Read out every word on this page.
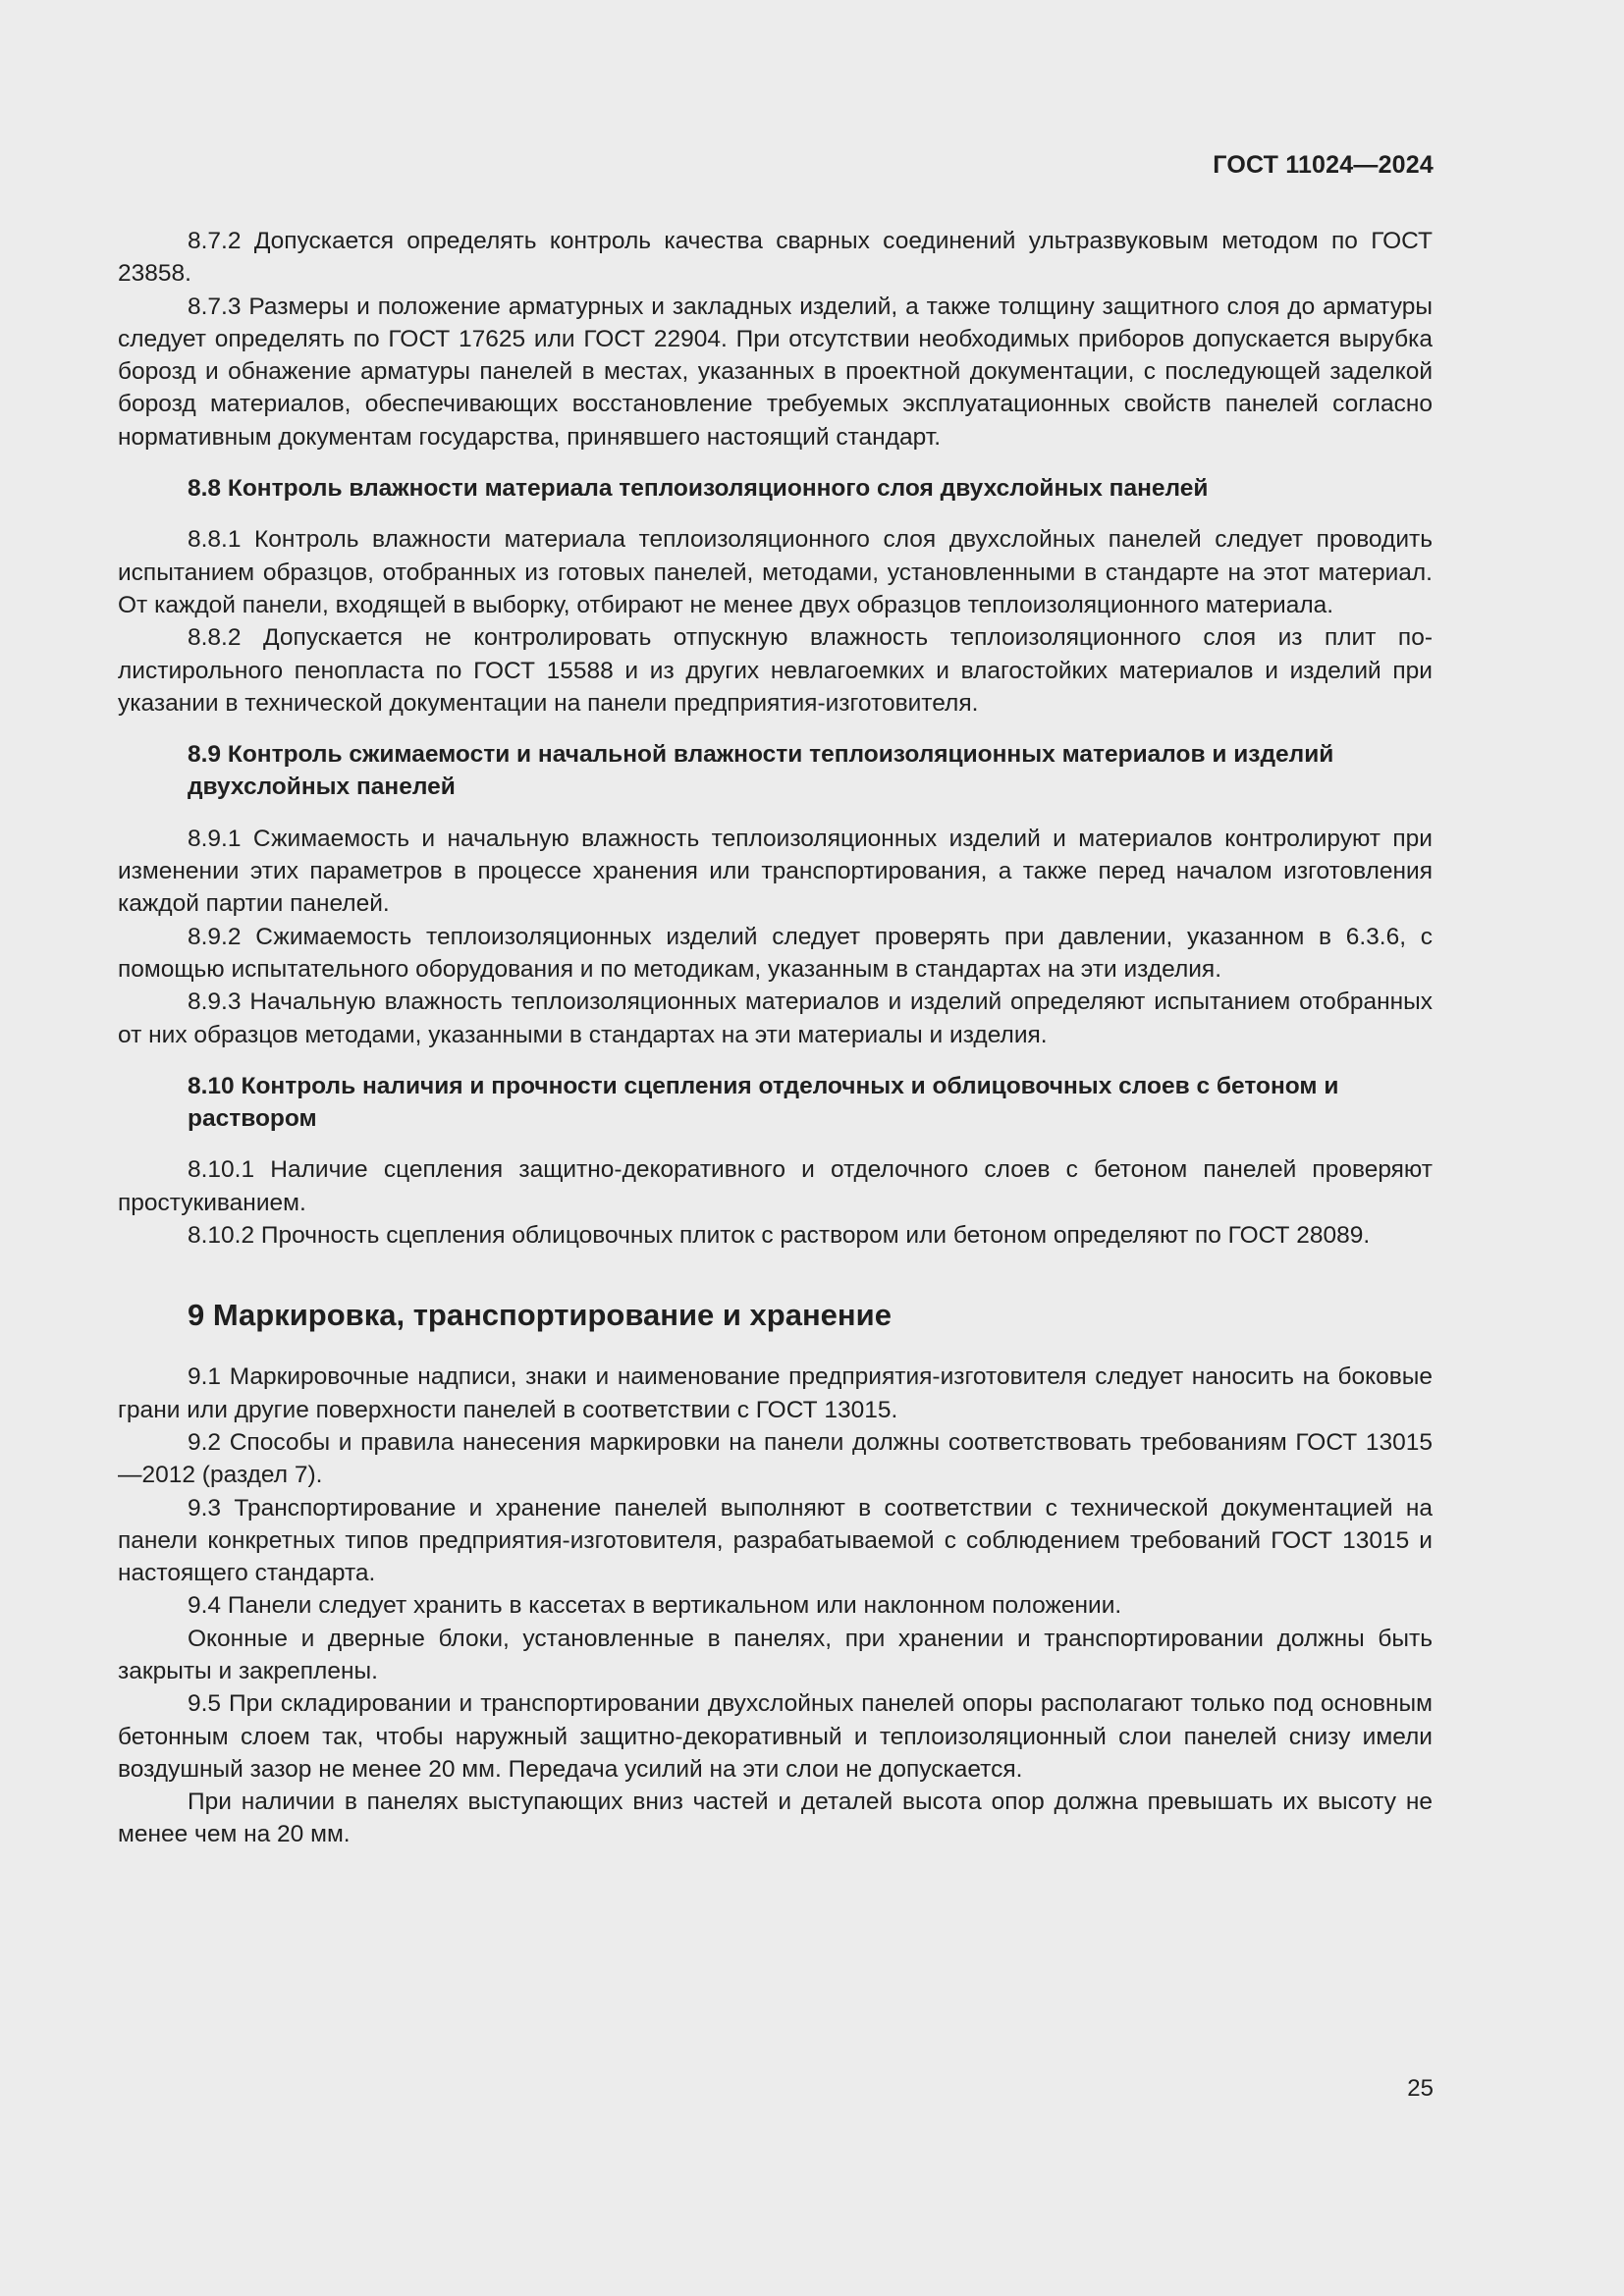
ГОСТ 11024—2024
8.7.2 Допускается определять контроль качества сварных соединений ультразвуковым методом по ГОСТ 23858.
8.7.3 Размеры и положение арматурных и закладных изделий, а также толщину защитного слоя до арматуры следует определять по ГОСТ 17625 или ГОСТ 22904. При отсутствии необходимых приборов допускается вырубка борозд и обнажение арматуры панелей в местах, указанных в проектной документации, с последующей заделкой борозд материалов, обеспечивающих восстановление требуемых эксплуатационных свойств панелей согласно нормативным документам государства, принявшего настоящий стандарт.
8.8 Контроль влажности материала теплоизоляционного слоя двухслойных панелей
8.8.1 Контроль влажности материала теплоизоляционного слоя двухслойных панелей следует проводить испытанием образцов, отобранных из готовых панелей, методами, установленными в стандарте на этот материал. От каждой панели, входящей в выборку, отбирают не менее двух образцов теплоизоляционного материала.
8.8.2 Допускается не контролировать отпускную влажность теплоизоляционного слоя из плит полистирольного пенопласта по ГОСТ 15588 и из других невлагоемких и влагостойких материалов и изделий при указании в технической документации на панели предприятия-изготовителя.
8.9 Контроль сжимаемости и начальной влажности теплоизоляционных материалов и изделий двухслойных панелей
8.9.1 Сжимаемость и начальную влажность теплоизоляционных изделий и материалов контролируют при изменении этих параметров в процессе хранения или транспортирования, а также перед началом изготовления каждой партии панелей.
8.9.2 Сжимаемость теплоизоляционных изделий следует проверять при давлении, указанном в 6.3.6, с помощью испытательного оборудования и по методикам, указанным в стандартах на эти изделия.
8.9.3 Начальную влажность теплоизоляционных материалов и изделий определяют испытанием отобранных от них образцов методами, указанными в стандартах на эти материалы и изделия.
8.10 Контроль наличия и прочности сцепления отделочных и облицовочных слоев с бетоном и раствором
8.10.1 Наличие сцепления защитно-декоративного и отделочного слоев с бетоном панелей проверяют простукиванием.
8.10.2 Прочность сцепления облицовочных плиток с раствором или бетоном определяют по ГОСТ 28089.
9 Маркировка, транспортирование и хранение
9.1 Маркировочные надписи, знаки и наименование предприятия-изготовителя следует наносить на боковые грани или другие поверхности панелей в соответствии с ГОСТ 13015.
9.2 Способы и правила нанесения маркировки на панели должны соответствовать требованиям ГОСТ 13015—2012 (раздел 7).
9.3 Транспортирование и хранение панелей выполняют в соответствии с технической документацией на панели конкретных типов предприятия-изготовителя, разрабатываемой с соблюдением требований ГОСТ 13015 и настоящего стандарта.
9.4 Панели следует хранить в кассетах в вертикальном или наклонном положении.
Оконные и дверные блоки, установленные в панелях, при хранении и транспортировании должны быть закрыты и закреплены.
9.5 При складировании и транспортировании двухслойных панелей опоры располагают только под основным бетонным слоем так, чтобы наружный защитно-декоративный и теплоизоляционный слои панелей снизу имели воздушный зазор не менее 20 мм. Передача усилий на эти слои не допускается.
При наличии в панелях выступающих вниз частей и деталей высота опор должна превышать их высоту не менее чем на 20 мм.
25
